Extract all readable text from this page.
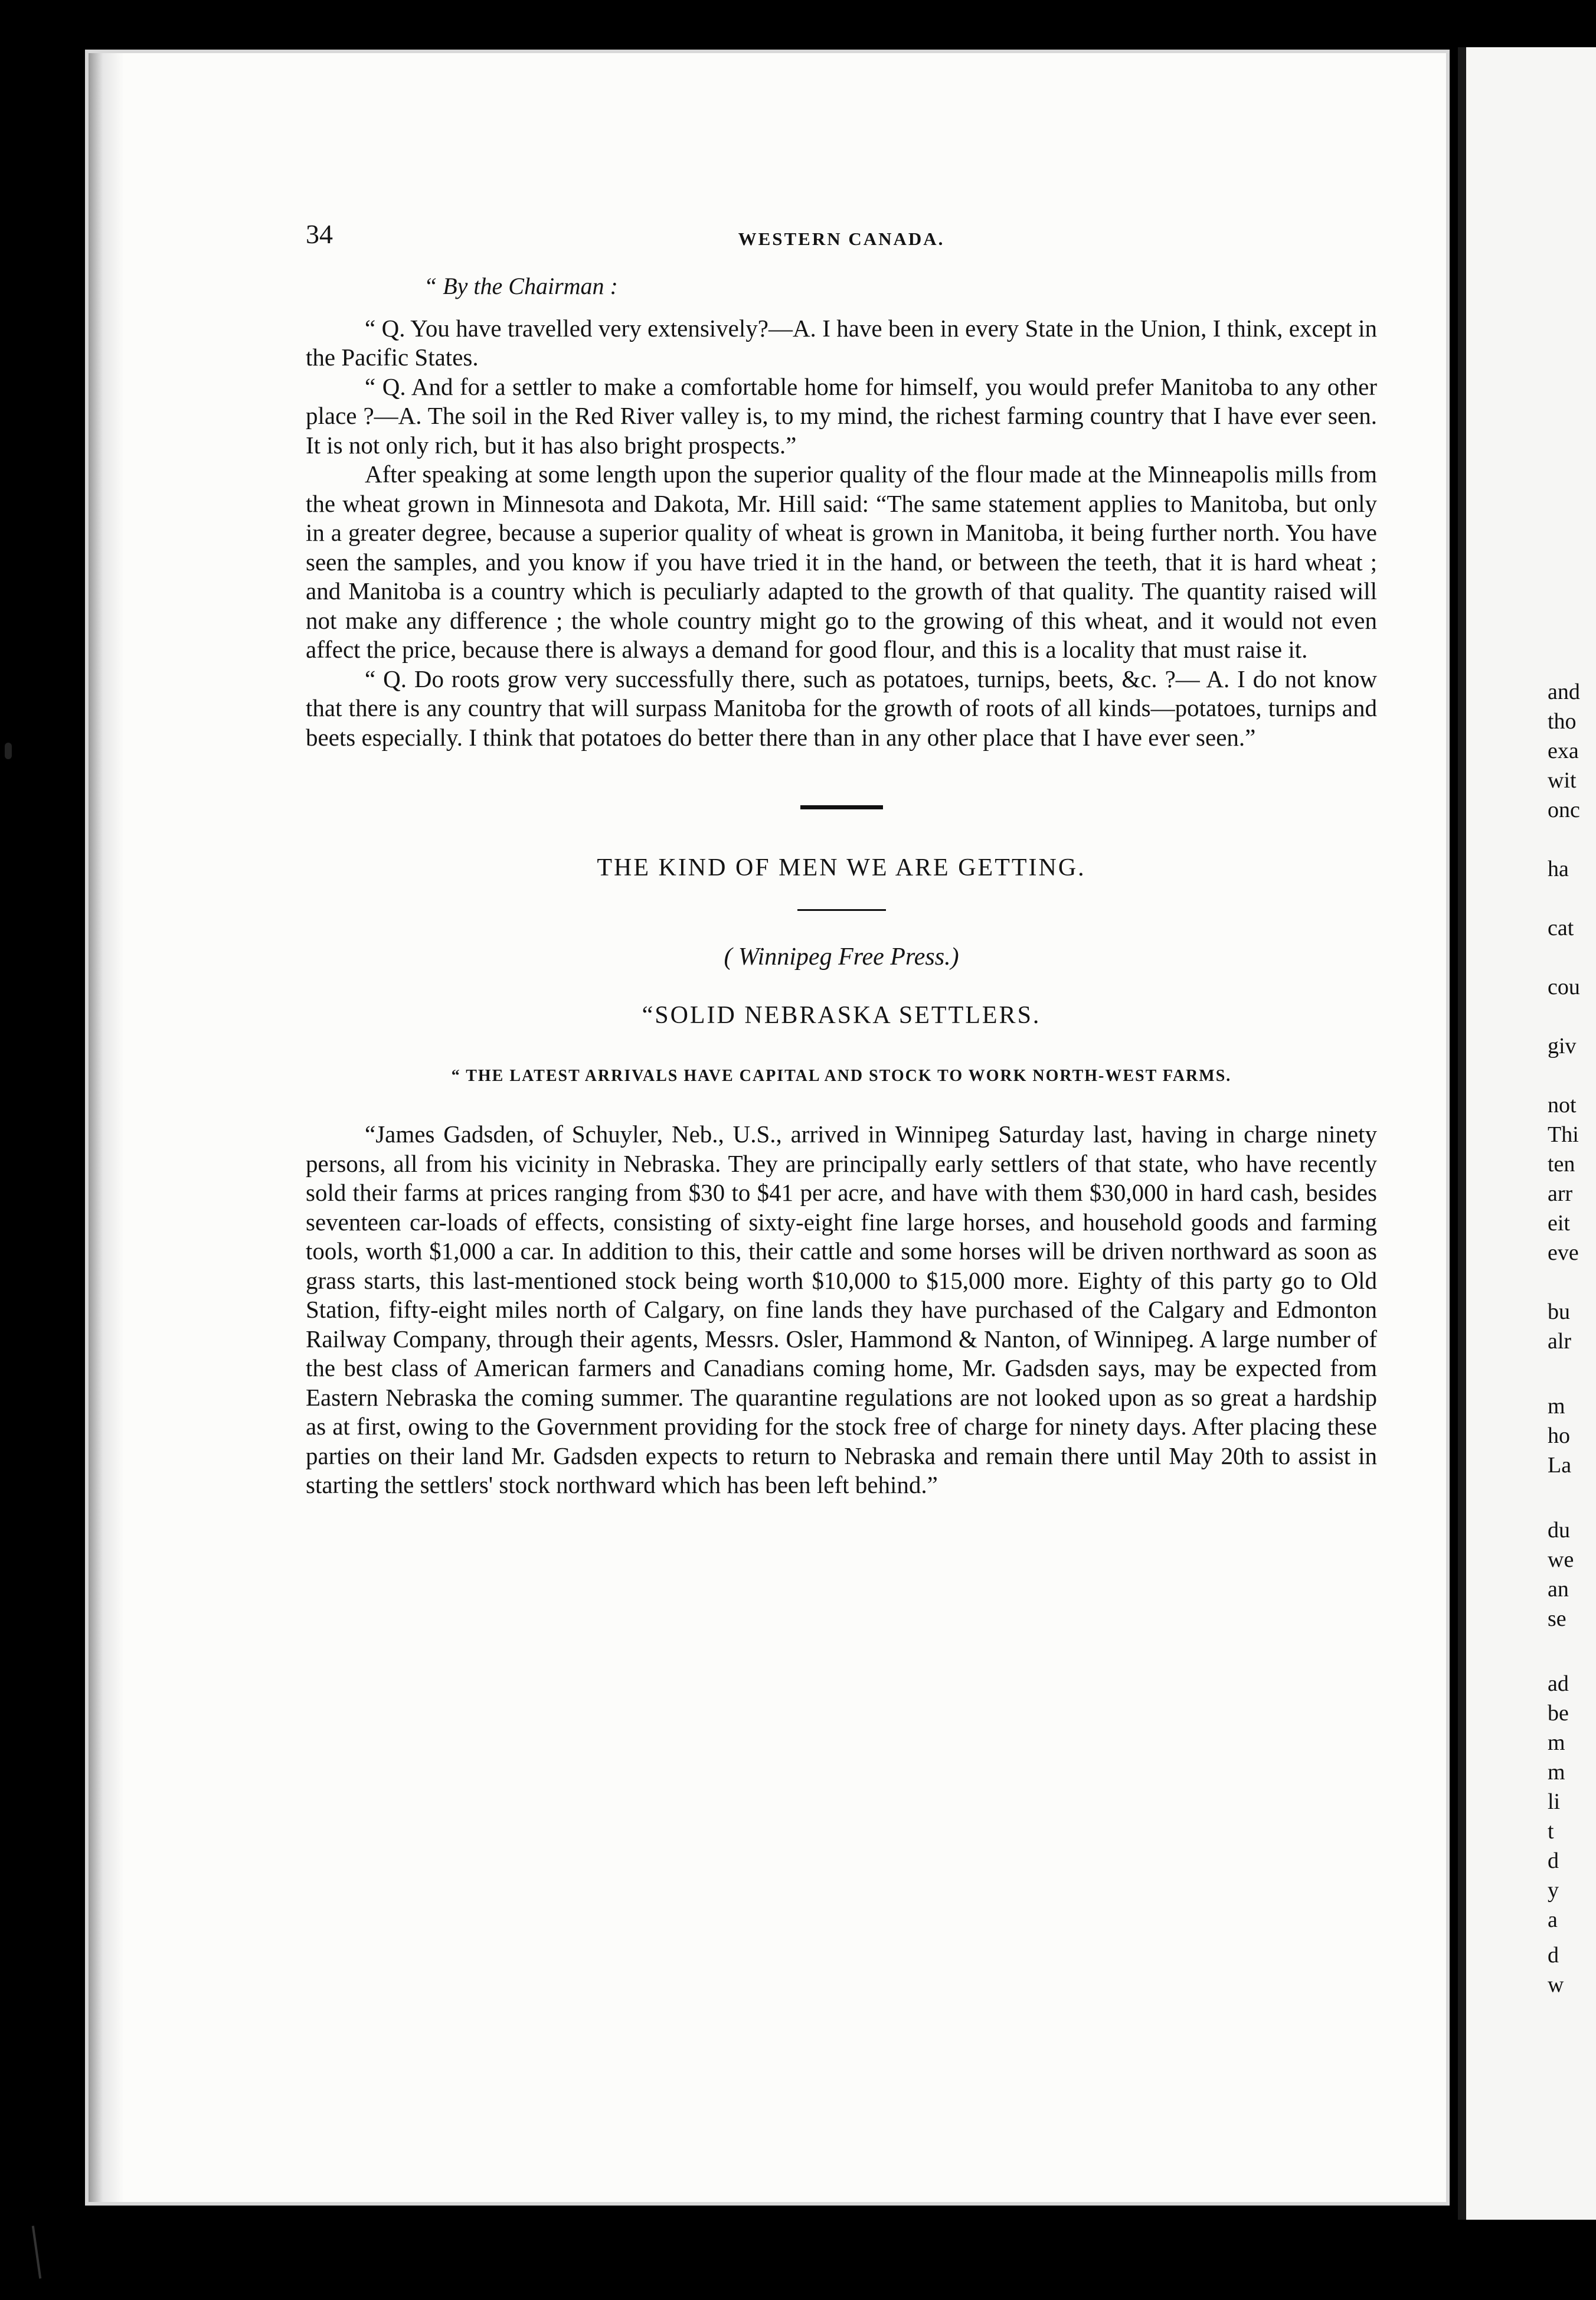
and
tho
exa
wit
onc
ha
cat
cou
giv
not
Thi
ten
arr
eit
eve
bu
alr
m
ho
La
du
we
an
se
ad
be
m
m
li
t
d
y
a
d
w
34	WESTERN CANADA.
“ By the Chairman :

“ Q. You have travelled very extensively?—A. I have been in every State in the Union, I think, except in the Pacific States.

“ Q. And for a settler to make a comfortable home for himself, you would prefer Manitoba to any other place ?—A. The soil in the Red River valley is, to my mind, the richest farming country that I have ever seen. It is not only rich, but it has also bright prospects.”

After speaking at some length upon the superior quality of the flour made at the Minneapolis mills from the wheat grown in Minnesota and Dakota, Mr. Hill said: “The same statement applies to Manitoba, but only in a greater degree, because a superior quality of wheat is grown in Manitoba, it being further north. You have seen the samples, and you know if you have tried it in the hand, or between the teeth, that it is hard wheat ; and Manitoba is a country which is peculiarly adapted to the growth of that quality. The quantity raised will not make any difference ; the whole country might go to the growing of this wheat, and it would not even affect the price, because there is always a demand for good flour, and this is a locality that must raise it.

“ Q. Do roots grow very successfully there, such as potatoes, turnips, beets, &c. ?— A. I do not know that there is any country that will surpass Manitoba for the growth of roots of all kinds—potatoes, turnips and beets especially. I think that potatoes do better there than in any other place that I have ever seen.”

THE KIND OF MEN WE ARE GETTING.
( Winnipeg Free Press.)
“SOLID NEBRASKA SETTLERS.
“ THE LATEST ARRIVALS HAVE CAPITAL AND STOCK TO WORK NORTH-WEST FARMS.

“James Gadsden, of Schuyler, Neb., U.S., arrived in Winnipeg Saturday last, having in charge ninety persons, all from his vicinity in Nebraska. They are principally early settlers of that state, who have recently sold their farms at prices ranging from $30 to $41 per acre, and have with them $30,000 in hard cash, besides seventeen car-loads of effects, consisting of sixty-eight fine large horses, and household goods and farming tools, worth $1,000 a car. In addition to this, their cattle and some horses will be driven northward as soon as grass starts, this last-mentioned stock being worth $10,000 to $15,000 more. Eighty of this party go to Old Station, fifty-eight miles north of Calgary, on fine lands they have purchased of the Calgary and Edmonton Railway Company, through their agents, Messrs. Osler, Hammond & Nanton, of Winnipeg. A large number of the best class of American farmers and Canadians coming home, Mr. Gadsden says, may be expected from Eastern Nebraska the coming summer. The quarantine regulations are not looked upon as so great a hardship as at first, owing to the Government providing for the stock free of charge for ninety days. After placing these parties on their land Mr. Gadsden expects to return to Nebraska and remain there until May 20th to assist in starting the settlers' stock northward which has been left behind.”
